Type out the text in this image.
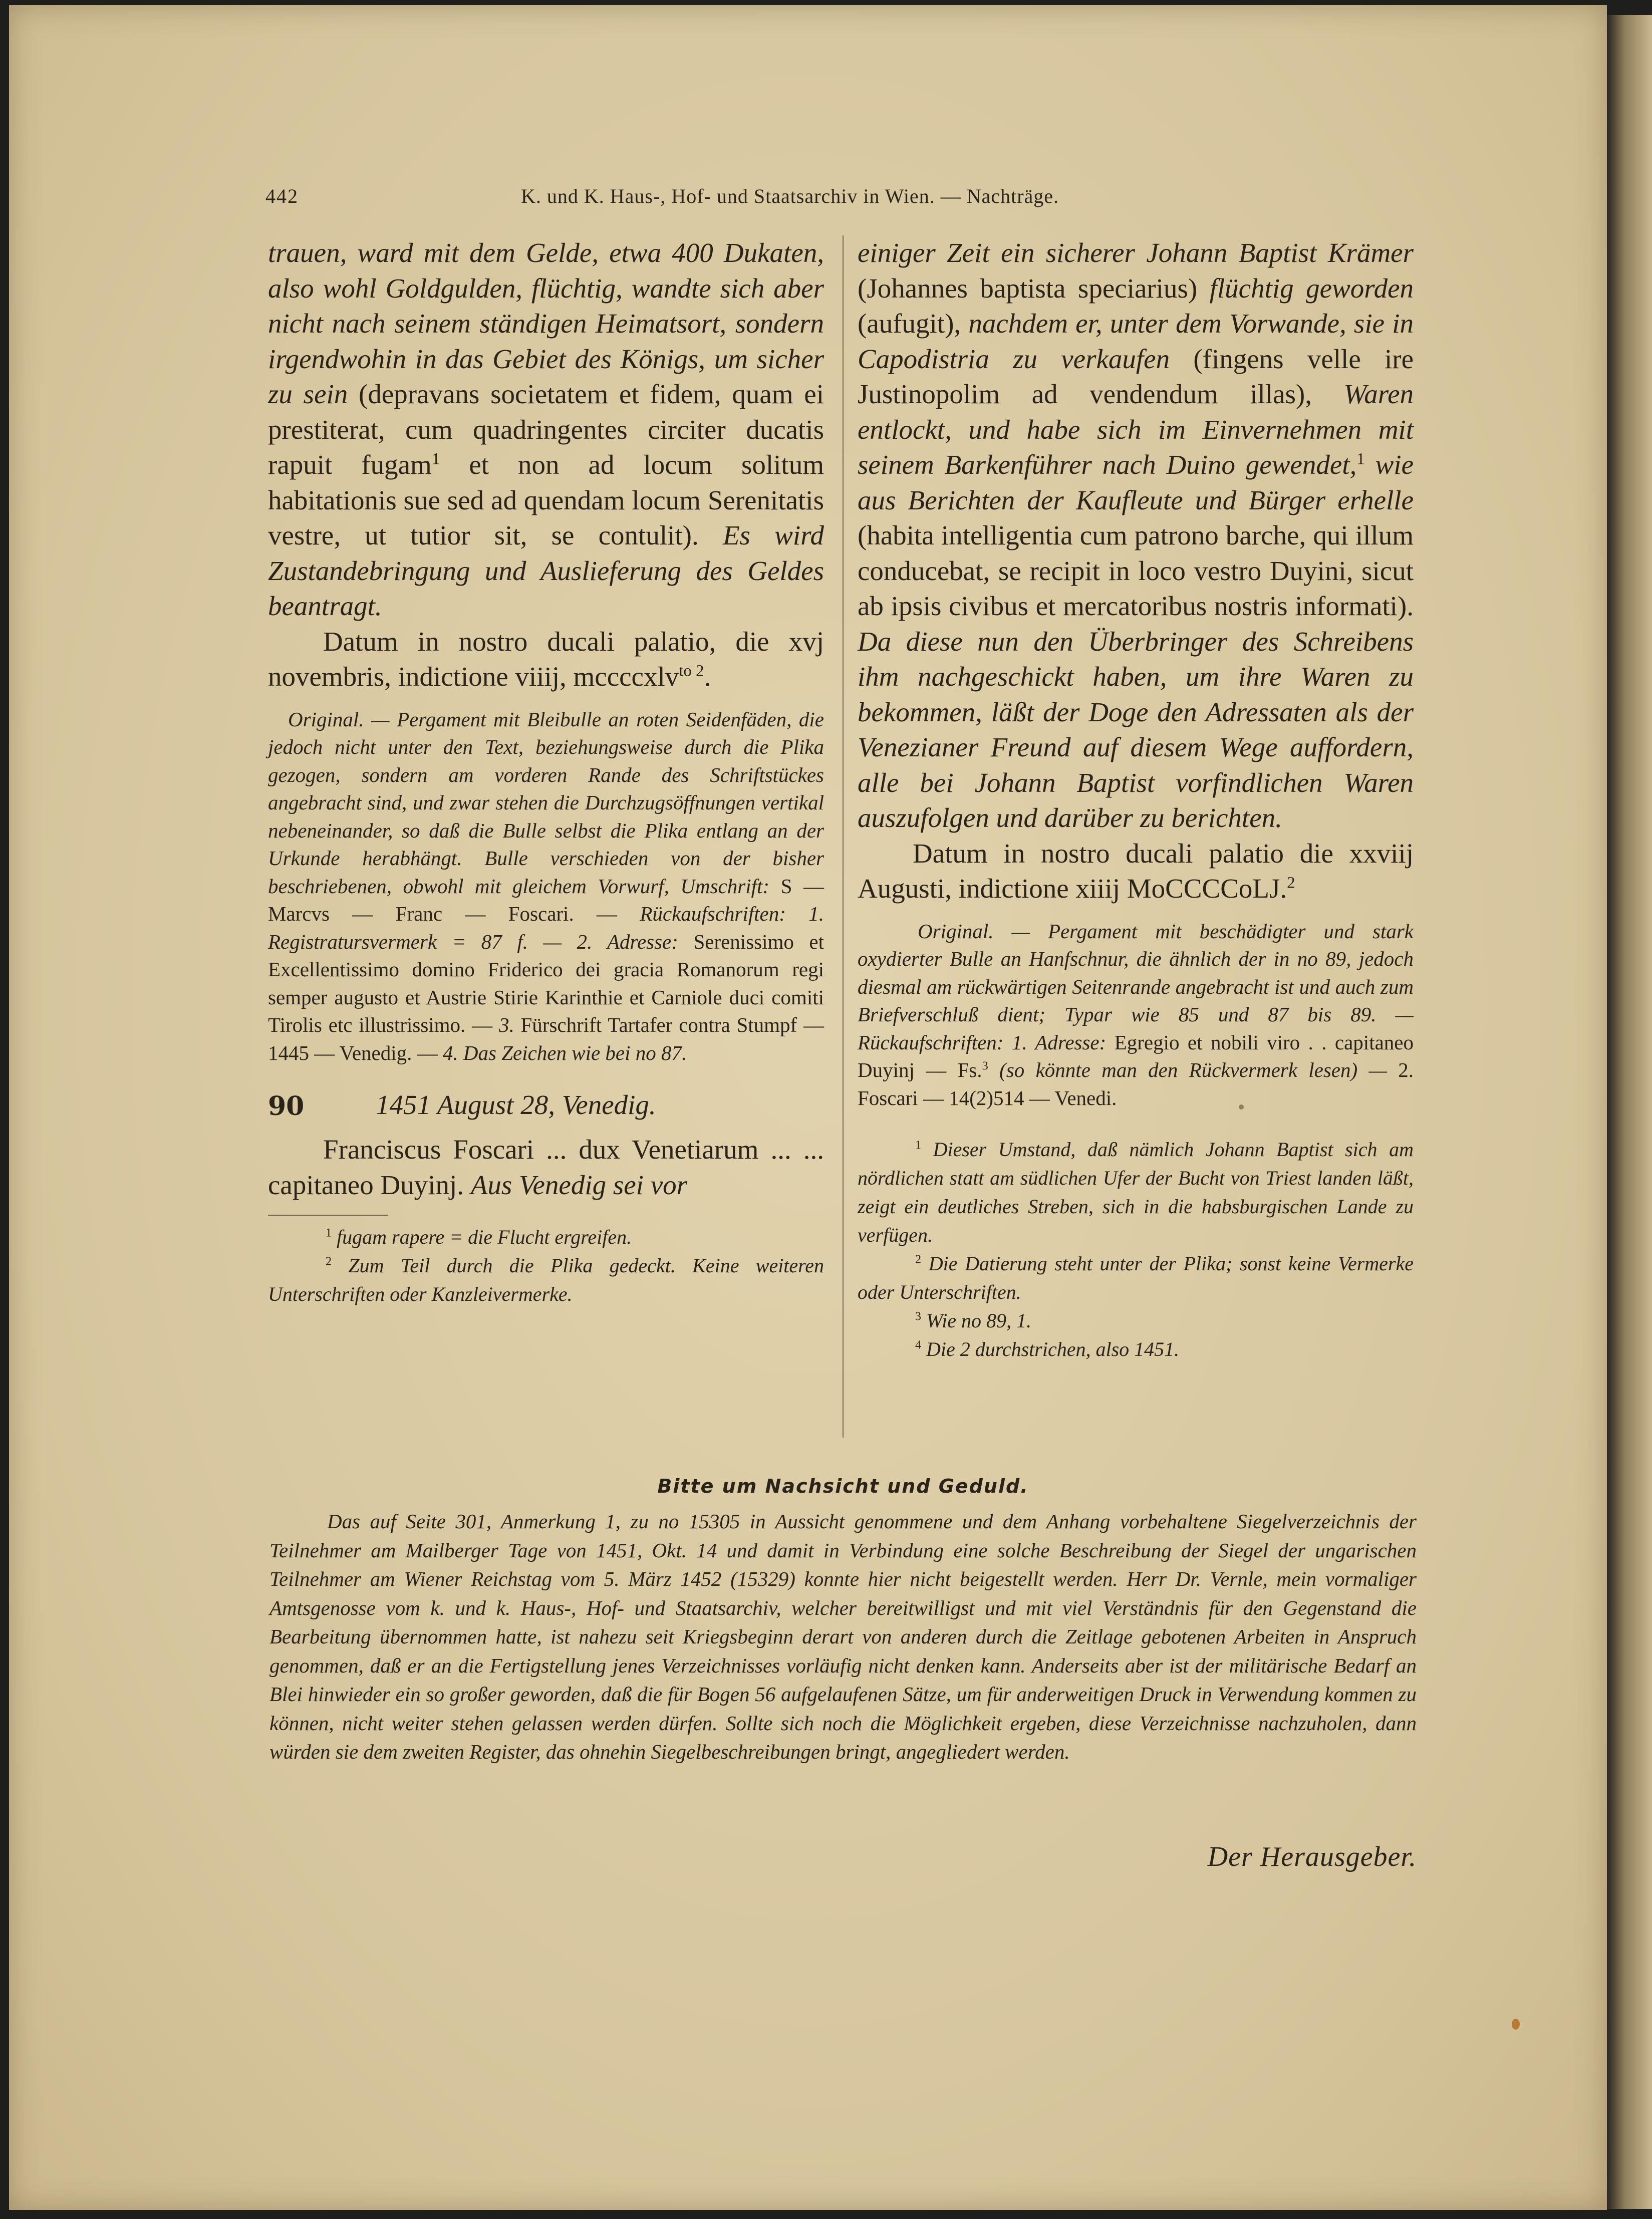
442	K. und K. Haus-, Hof- und Staatsarchiv in Wien. — Nachträge.

trauen, ward mit dem Gelde, etwa 400 Dukaten, also wohl Goldgulden, flüchtig, wandte sich aber nicht nach seinem ständigen Heimatsort, sondern irgendwohin in das Gebiet des Königs, um sicher zu sein (depravans societatem et fidem, quam ei prestiterat, cum quadringentes circiter ducatis rapuit fugam$^1$ et non ad locum solitum habitationis sue sed ad quendam locum Serenitatis vestre, ut tutior sit, se contulit). Es wird Zustandebringung und Auslieferung des Geldes beantragt.

Datum in nostro ducali palatio, die xvj novembris, indictione viiij, mccccxlv$^{to 2}$.

Original. — Pergament mit Bleibulle an roten Seidenfäden, die jedoch nicht unter den Text, beziehungsweise durch die Plika gezogen, sondern am vorderen Rande des Schriftstückes angebracht sind, und zwar stehen die Durchzugsöffnungen vertikal nebeneinander, so daß die Bulle selbst die Plika entlang an der Urkunde herabhängt. Bulle verschieden von der bisher beschriebenen, obwohl mit gleichem Vorwurf, Umschrift: S — Marcvs — Franc — Foscari. — Rückaufschriften: 1. Registratursvermerk = 87 f. — 2. Adresse: Serenissimo et Excellentissimo domino Friderico dei gracia Romanorum regi semper augusto et Austrie Stirie Karinthie et Carniole duci comiti Tirolis etc illustrissimo. — 3. Fürschrift Tartafer contra Stumpf — 1445 — Venedig. — 4. Das Zeichen wie bei no 87.

90	1451 August 28, Venedig.

Franciscus Foscari ... dux Venetiarum ... ... capitaneo Duyinj. Aus Venedig sei vor

$^1$ fugam rapere = die Flucht ergreifen.

$^2$ Zum Teil durch die Plika gedeckt. Keine weiteren Unterschriften oder Kanzleivermerke.

einiger Zeit ein sicherer Johann Baptist Krämer (Johannes baptista speciarius) flüchtig geworden (aufugit), nachdem er, unter dem Vorwande, sie in Capodistria zu verkaufen (fingens velle ire Justinopolim ad vendendum illas), Waren entlockt, und habe sich im Einvernehmen mit seinem Barkenführer nach Duino gewendet,$^1$ wie aus Berichten der Kaufleute und Bürger erhelle (habita intelligentia cum patrono barche, qui illum conducebat, se recipit in loco vestro Duyini, sicut ab ipsis civibus et mercatoribus nostris informati). Da diese nun den Überbringer des Schreibens ihm nachgeschickt haben, um ihre Waren zu bekommen, läßt der Doge den Adressaten als der Venezianer Freund auf diesem Wege auffordern, alle bei Johann Baptist vorfindlichen Waren auszufolgen und darüber zu berichten.

Datum in nostro ducali palatio die xxviij Augusti, indictione xiiij MoCCCCoLJ.$^2$

Original. — Pergament mit beschädigter und stark oxydierter Bulle an Hanfschnur, die ähnlich der in no 89, jedoch diesmal am rückwärtigen Seitenrande angebracht ist und auch zum Briefverschluß dient; Typar wie 85 und 87 bis 89. — Rückaufschriften: 1. Adresse: Egregio et nobili viro . . capitaneo Duyinj — Fs.$^3$ (so könnte man den Rückvermerk lesen) — 2. Foscari — 14(2)514 — Venedi.

$^1$ Dieser Umstand, daß nämlich Johann Baptist sich am nördlichen statt am südlichen Ufer der Bucht von Triest landen läßt, zeigt ein deutliches Streben, sich in die habsburgischen Lande zu verfügen.

$^2$ Die Datierung steht unter der Plika; sonst keine Vermerke oder Unterschriften.

$^3$ Wie no 89, 1.

$^4$ Die 2 durchstrichen, also 1451.

Bitte um Nachsicht und Geduld.

Das auf Seite 301, Anmerkung 1, zu no 15305 in Aussicht genommene und dem Anhang vorbehaltene Siegelverzeichnis der Teilnehmer am Mailberger Tage von 1451, Okt. 14 und damit in Verbindung eine solche Beschreibung der Siegel der ungarischen Teilnehmer am Wiener Reichstag vom 5. März 1452 (15329) konnte hier nicht beigestellt werden. Herr Dr. Vernle, mein vormaliger Amtsgenosse vom k. und k. Haus-, Hof- und Staatsarchiv, welcher bereitwilligst und mit viel Verständnis für den Gegenstand die Bearbeitung übernommen hatte, ist nahezu seit Kriegsbeginn derart von anderen durch die Zeitlage gebotenen Arbeiten in Anspruch genommen, daß er an die Fertigstellung jenes Verzeichnisses vorläufig nicht denken kann. Anderseits aber ist der militärische Bedarf an Blei hinwieder ein so großer geworden, daß die für Bogen 56 aufgelaufenen Sätze, um für anderweitigen Druck in Verwendung kommen zu können, nicht weiter stehen gelassen werden dürfen. Sollte sich noch die Möglichkeit ergeben, diese Verzeichnisse nachzuholen, dann würden sie dem zweiten Register, das ohnehin Siegelbeschreibungen bringt, angegliedert werden.

Der Herausgeber.
